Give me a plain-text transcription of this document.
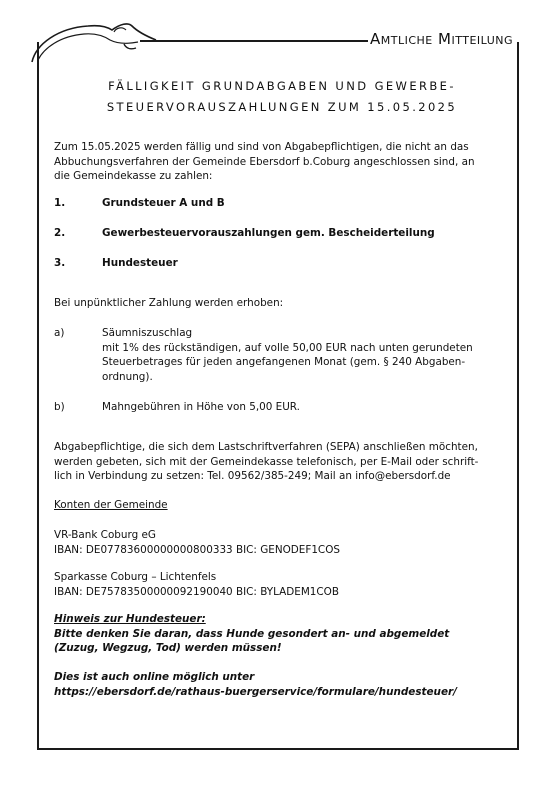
Amtliche Mitteilung
FÄLLIGKEIT GRUNDABGABEN UND GEWERBE-
STEUERVORAUSZAHLUNGEN ZUM 15.05.2025

Zum 15.05.2025 werden fällig und sind von Abgabepflichtigen, die nicht an das
Abbuchungsverfahren der Gemeinde Ebersdorf b.Coburg angeschlossen sind, an
die Gemeindekasse zu zahlen:

1.	Grundsteuer A und B
2.	Gewerbesteuervorauszahlungen gem. Bescheiderteilung
3.	Hundesteuer
Bei unpünktlicher Zahlung werden erhoben:
a)	Säumniszuschlag
mit 1% des rückständigen, auf volle 50,00 EUR nach unten gerundeten
Steuerbetrages für jeden angefangenen Monat (gem. § 240 Abgaben-
ordnung).
b)	Mahngebühren in Höhe von 5,00 EUR.
Abgabepflichtige, die sich dem Lastschriftverfahren (SEPA) anschließen möchten,
werden gebeten, sich mit der Gemeindekasse telefonisch, per E-Mail oder schrift-
lich in Verbindung zu setzen: Tel. 09562/385-249; Mail an info@ebersdorf.de
Konten der Gemeinde
VR-Bank Coburg eG
IBAN: DE07783600000000800333 BIC: GENODEF1COS
Sparkasse Coburg – Lichtenfels
IBAN: DE75783500000092190040 BIC: BYLADEM1COB
Hinweis zur Hundesteuer:
Bitte denken Sie daran, dass Hunde gesondert an- und abgemeldet
(Zuzug, Wegzug, Tod) werden müssen!
Dies ist auch online möglich unter
https://ebersdorf.de/rathaus-buergerservice/formulare/hundesteuer/
